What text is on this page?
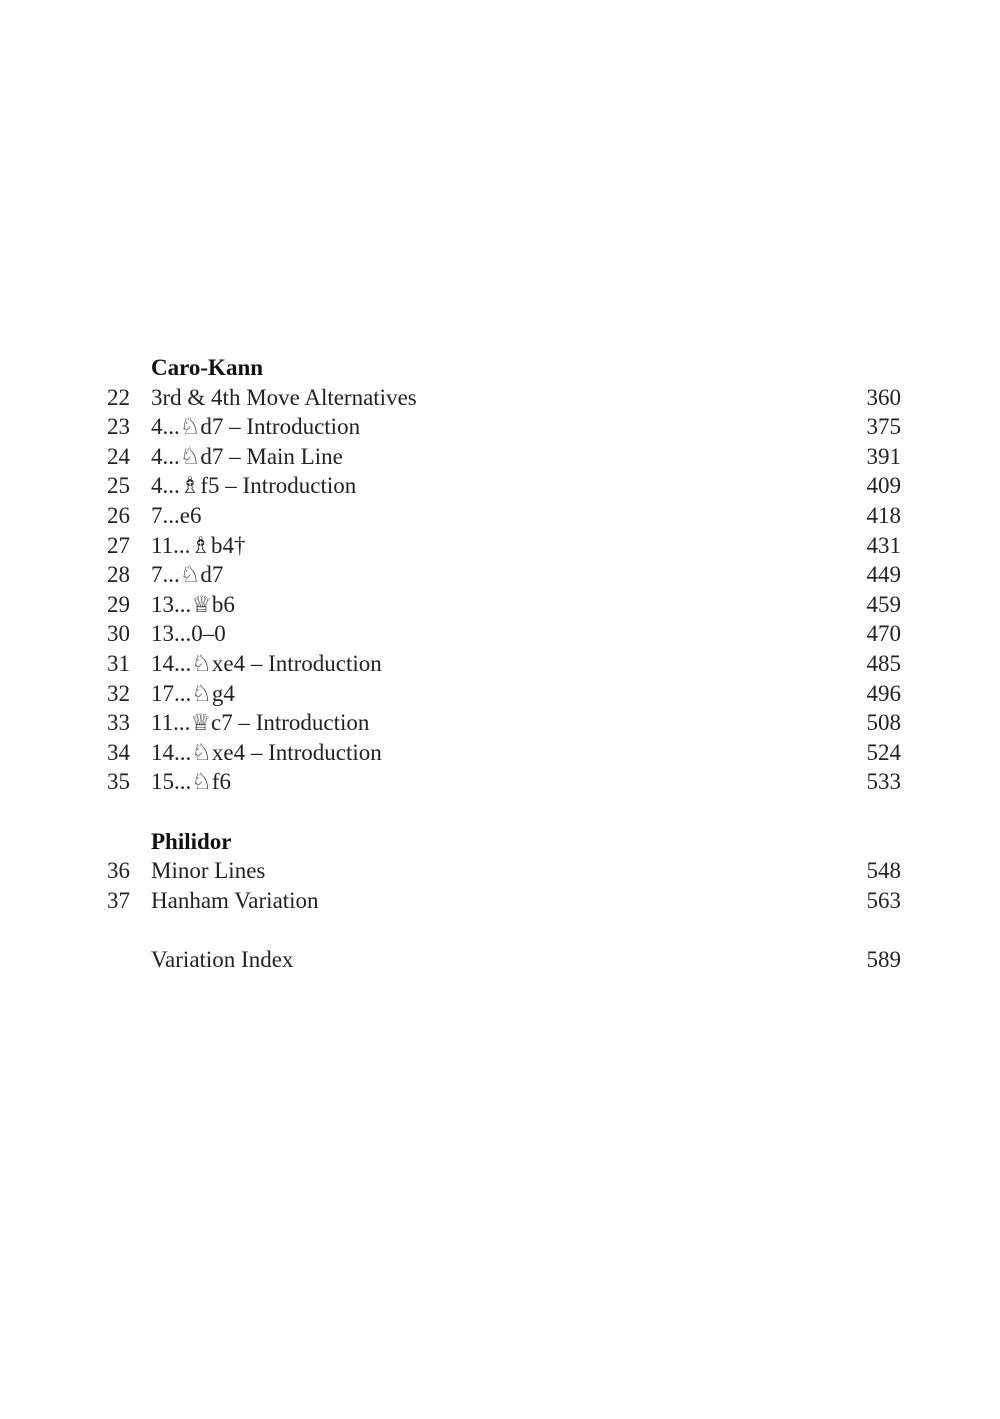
Caro-Kann
22 3rd & 4th Move Alternatives	360
23 4...♘d7 – Introduction	375
24 4...♘d7 – Main Line	391
25 4...♗f5 – Introduction	409
26 7...e6	418
27 11...♗b4†	431
28 7...♘d7	449
29 13...♕b6	459
30 13...0–0	470
31 14...♘xe4 – Introduction	485
32 17...♘g4	496
33 11...♕c7 – Introduction	508
34 14...♘xe4 – Introduction	524
35 15...♘f6	533
Philidor
36 Minor Lines	548
37 Hanham Variation	563
Variation Index	589
